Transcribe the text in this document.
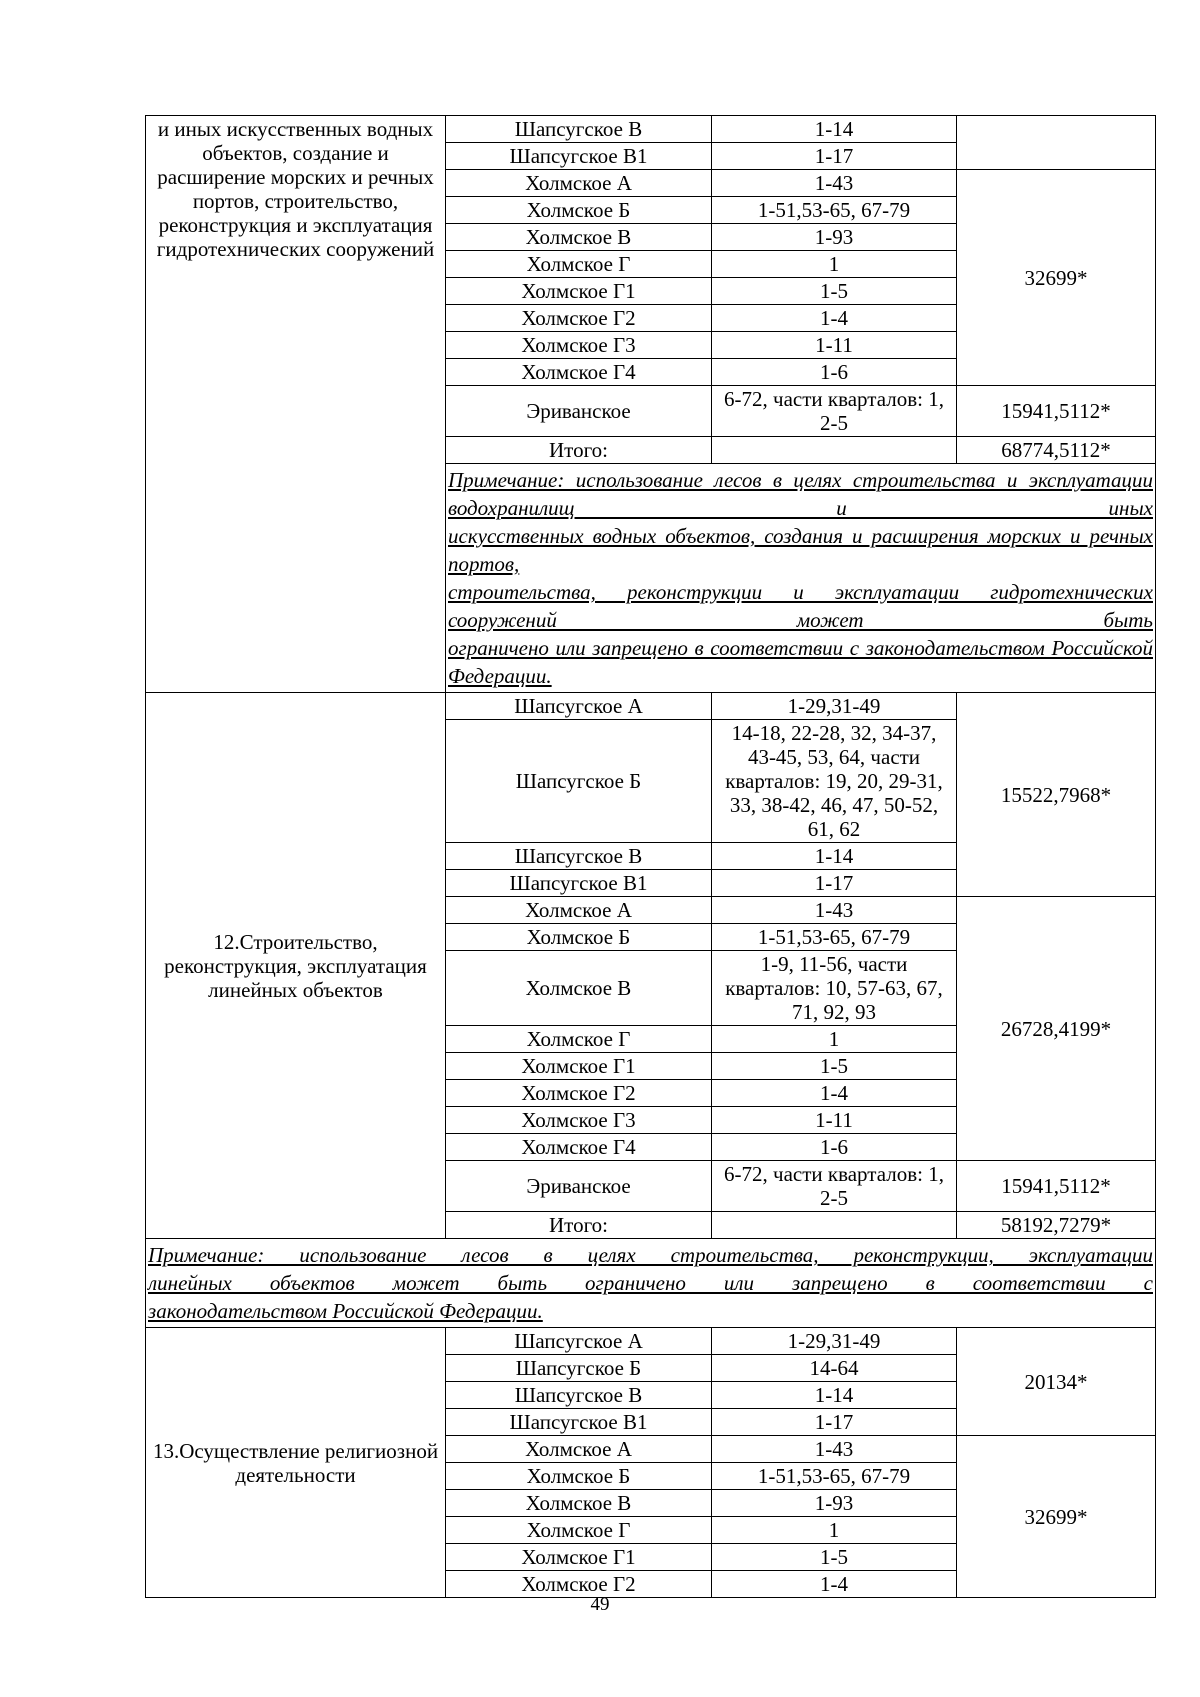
и иных искусственных водных объектов, создание и расширение морских и речных портов, строительство, реконструкция и эксплуатация гидротехнических сооружений	Шапсугское В	1-14	
	Шапсугское В1	1-17	
	Холмское А	1-43	32699*
	Холмское Б	1-51,53-65, 67-79	
	Холмское В	1-93	
	Холмское Г	1	
	Холмское Г1	1-5	
	Холмское Г2	1-4	
	Холмское Г3	1-11	
	Холмское Г4	1-6	
	Эриванское	6-72, части кварталов: 1, 2-5	15941,5112*
	Итого:		68774,5112*

	Примечание: использование лесов в целях строительства и эксплуатации водохранилищ и иных
искусственных водных объектов, создания и расширения морских и речных портов,
строительства, реконструкции и эксплуатации гидротехнических сооружений может быть
ограничено или запрещено в соответствии с законодательством Российской Федерации.		

12.Строительство, реконструкция, эксплуатация линейных объектов	Шапсугское А	1-29,31-49	15522,7968*
	Шапсугское Б	14-18, 22-28, 32, 34-37, 43-45, 53, 64, части кварталов: 19, 20, 29-31, 33, 38-42, 46, 47, 50-52, 61, 62	
	Шапсугское В	1-14	
	Шапсугское В1	1-17	
	Холмское А	1-43	26728,4199*
	Холмское Б	1-51,53-65, 67-79	
	Холмское В	1-9, 11-56, части кварталов: 10, 57-63, 67, 71, 92, 93	
	Холмское Г	1	
	Холмское Г1	1-5	
	Холмское Г2	1-4	
	Холмское Г3	1-11	
	Холмское Г4	1-6	
	Эриванское	6-72, части кварталов: 1, 2-5	15941,5112*
	Итого:		58192,7279*

Примечание: использование лесов в целях строительства, реконструкции, эксплуатации
линейных объектов может быть ограничено или запрещено в соответствии с
законодательством Российской Федерации.			

13.Осуществление религиозной деятельности	Шапсугское А	1-29,31-49	20134*
	Шапсугское Б	14-64	
	Шапсугское В	1-14	
	Шапсугское В1	1-17	
	Холмское А	1-43	32699*
	Холмское Б	1-51,53-65, 67-79	
	Холмское В	1-93	
	Холмское Г	1	
	Холмское Г1	1-5	
	Холмское Г2	1-4	
49
